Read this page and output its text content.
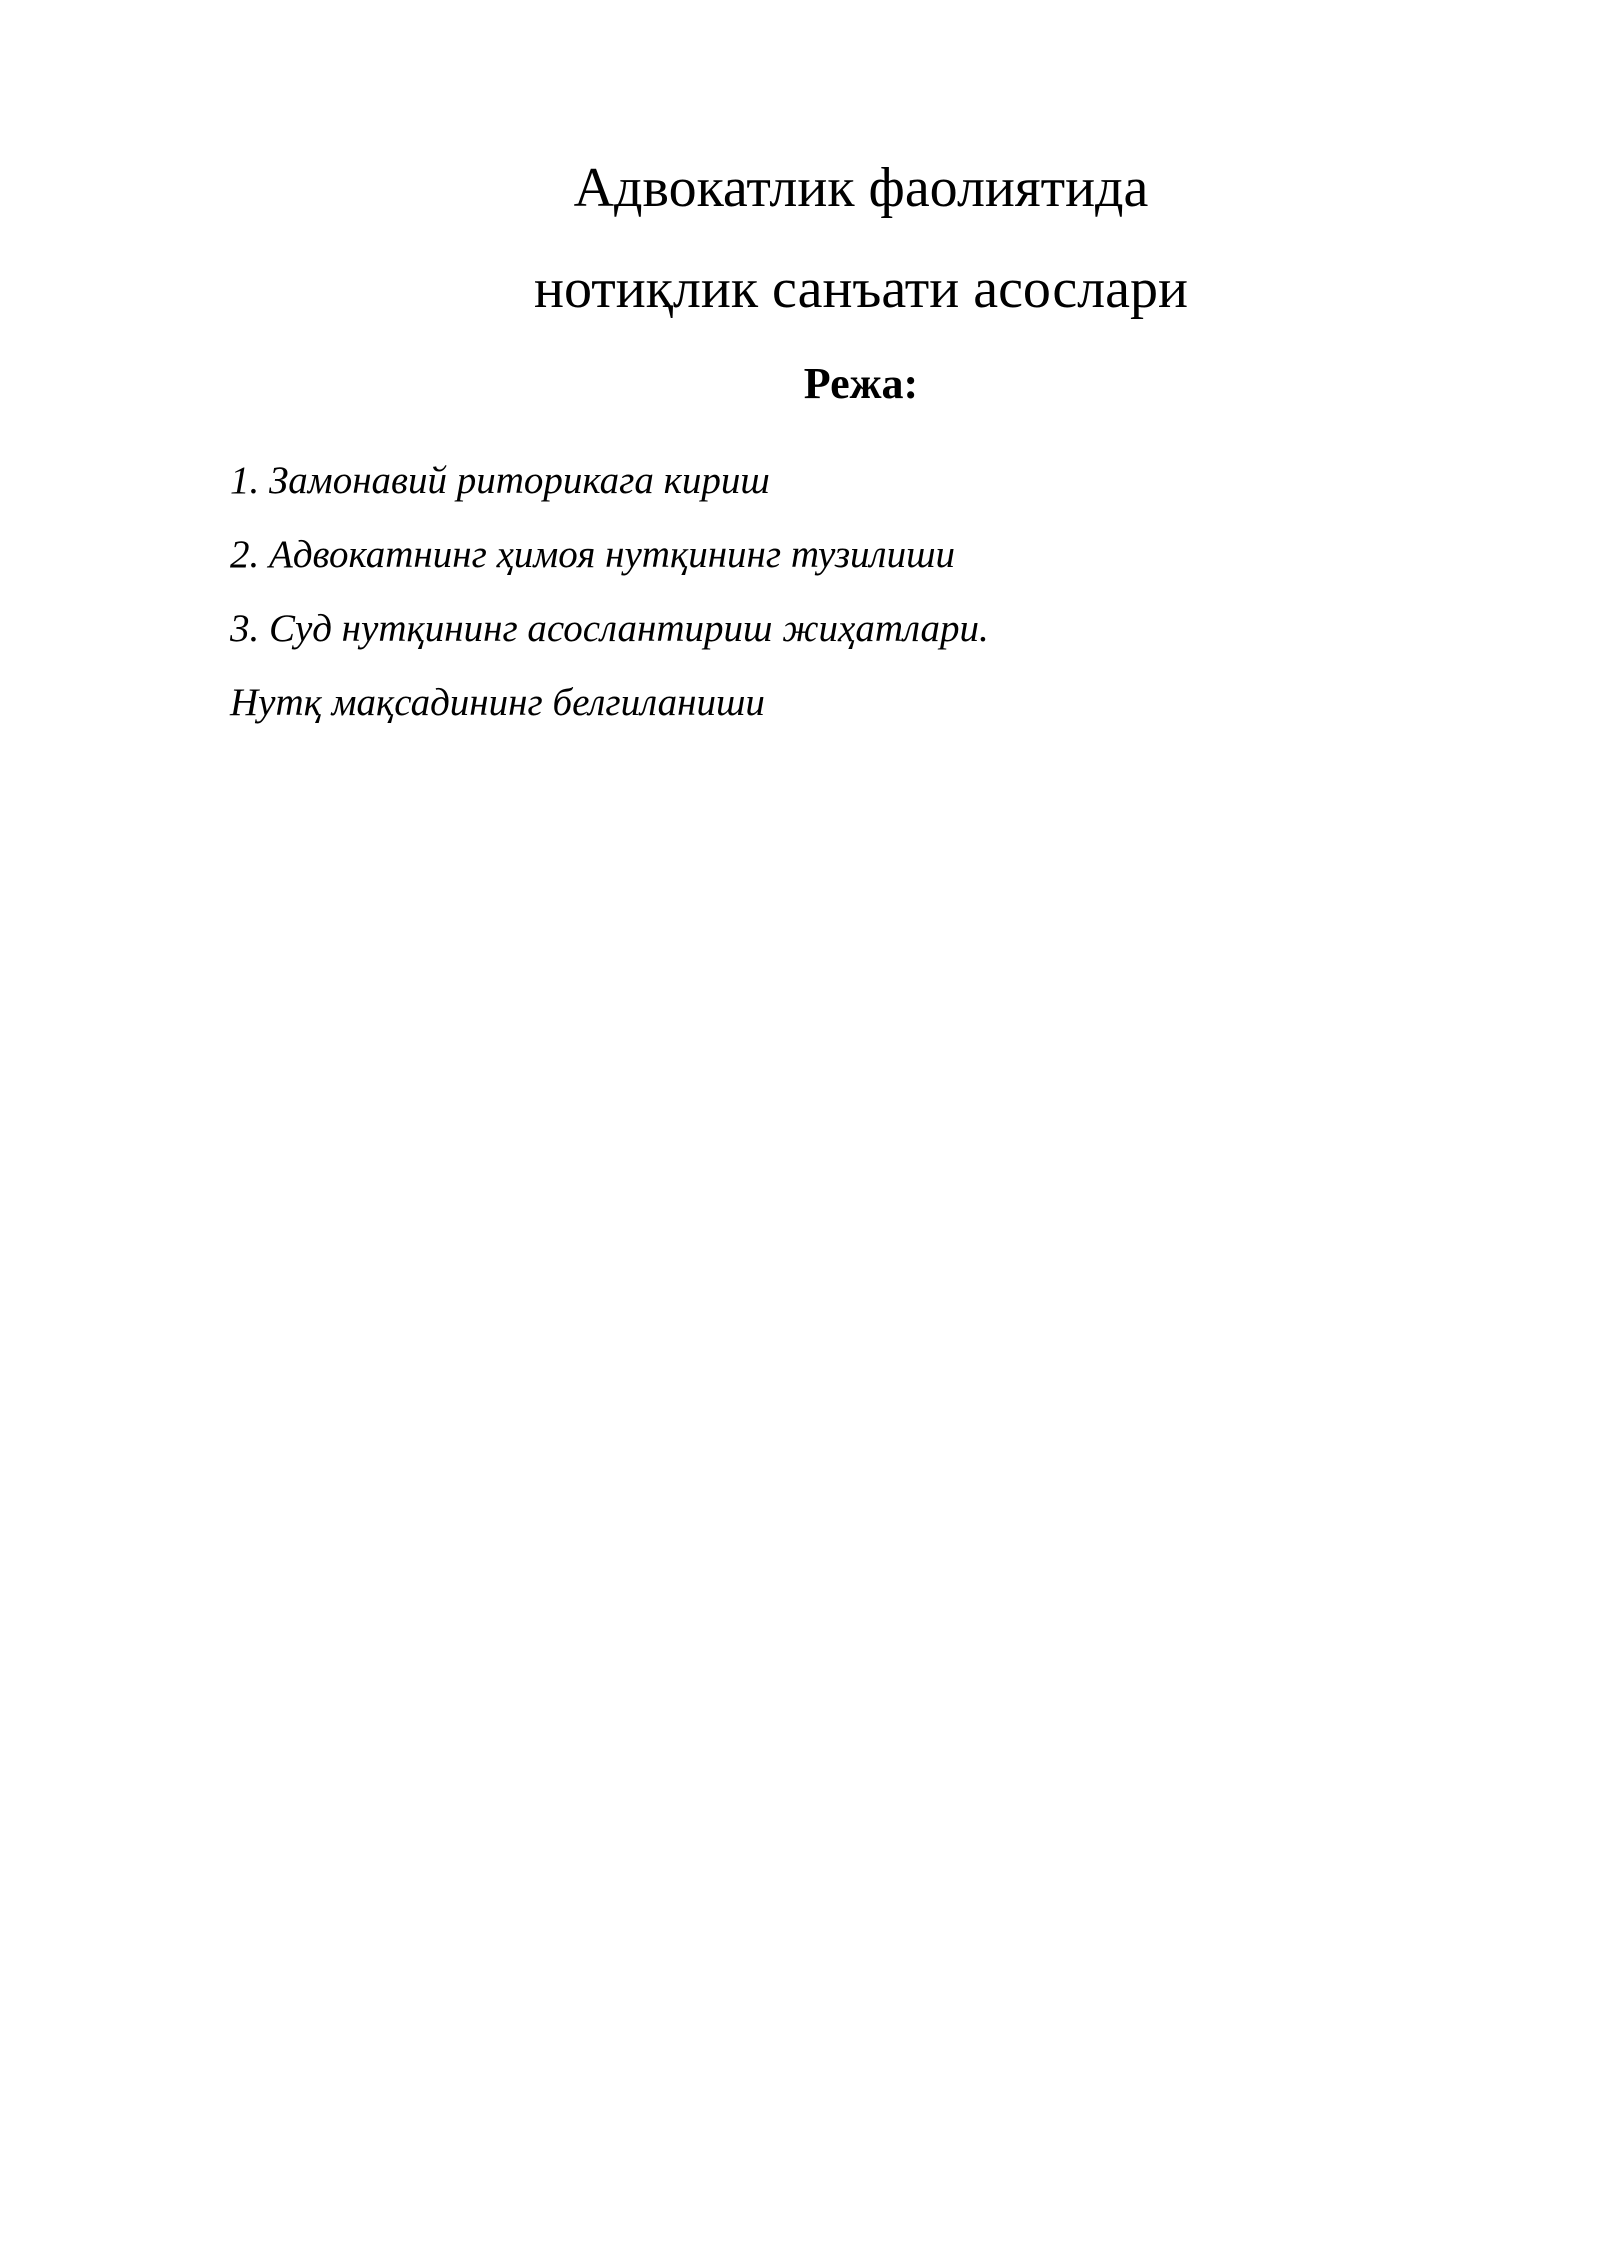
Адвокатлик фаолиятида
нотиқлик санъати асослари
Режа:
1. Замонавий риторикага кириш
2. Адвокатнинг ҳимоя нутқининг тузилиши
3. Суд нутқининг асослантириш жиҳатлари.
Нутқ мақсадининг белгиланиши
